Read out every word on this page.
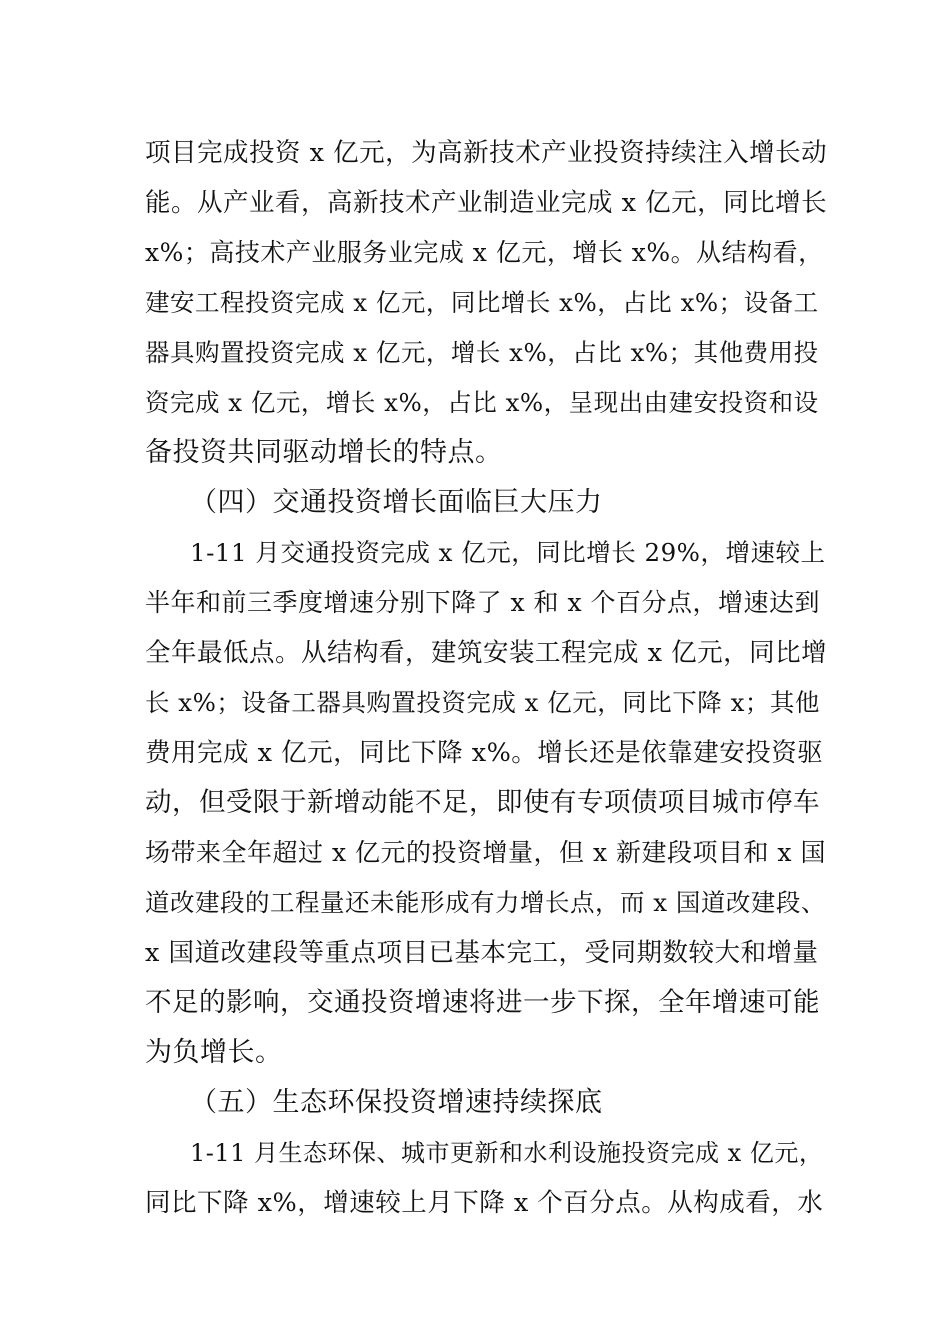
项目完成投资 x 亿元，为高新技术产业投资持续注入增长动
能。从产业看，高新技术产业制造业完成 x 亿元，同比增长
x%；高技术产业服务业完成 x 亿元，增长 x%。从结构看，
建安工程投资完成 x 亿元，同比增长 x%，占比 x%；设备工
器具购置投资完成 x 亿元，增长 x%，占比 x%；其他费用投
资完成 x 亿元，增长 x%，占比 x%，呈现出由建安投资和设
备投资共同驱动增长的特点。
（四）交通投资增长面临巨大压力
1-11 月交通投资完成 x 亿元，同比增长 29%，增速较上
半年和前三季度增速分别下降了 x 和 x 个百分点，增速达到
全年最低点。从结构看，建筑安装工程完成 x 亿元，同比增
长 x%；设备工器具购置投资完成 x 亿元，同比下降 x；其他
费用完成 x 亿元，同比下降 x%。增长还是依靠建安投资驱
动，但受限于新增动能不足，即使有专项债项目城市停车
场带来全年超过 x 亿元的投资增量，但 x 新建段项目和 x 国
道改建段的工程量还未能形成有力增长点，而 x 国道改建段、
x 国道改建段等重点项目已基本完工，受同期数较大和增量
不足的影响，交通投资增速将进一步下探，全年增速可能
为负增长。
（五）生态环保投资增速持续探底
1-11 月生态环保、城市更新和水利设施投资完成 x 亿元，
同比下降 x%，增速较上月下降 x 个百分点。从构成看，水
